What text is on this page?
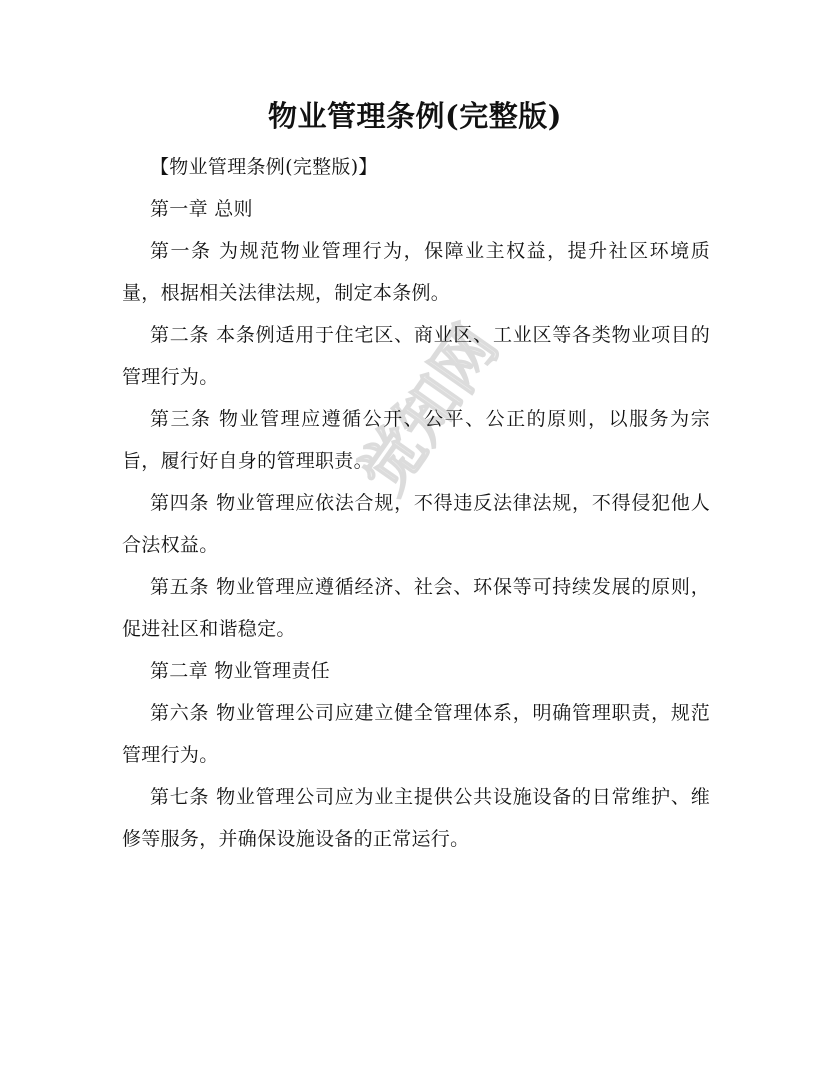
觉知网
物业管理条例(完整版)

【物业管理条例(完整版)】

第一章 总则

第一条 为规范物业管理行为，保障业主权益，提升社区环境质量，根据相关法律法规，制定本条例。

第二条 本条例适用于住宅区、商业区、工业区等各类物业项目的管理行为。

第三条 物业管理应遵循公开、公平、公正的原则，以服务为宗旨，履行好自身的管理职责。

第四条 物业管理应依法合规，不得违反法律法规，不得侵犯他人合法权益。

第五条 物业管理应遵循经济、社会、环保等可持续发展的原则，促进社区和谐稳定。

第二章 物业管理责任

第六条 物业管理公司应建立健全管理体系，明确管理职责，规范管理行为。

第七条 物业管理公司应为业主提供公共设施设备的日常维护、维修等服务，并确保设施设备的正常运行。
